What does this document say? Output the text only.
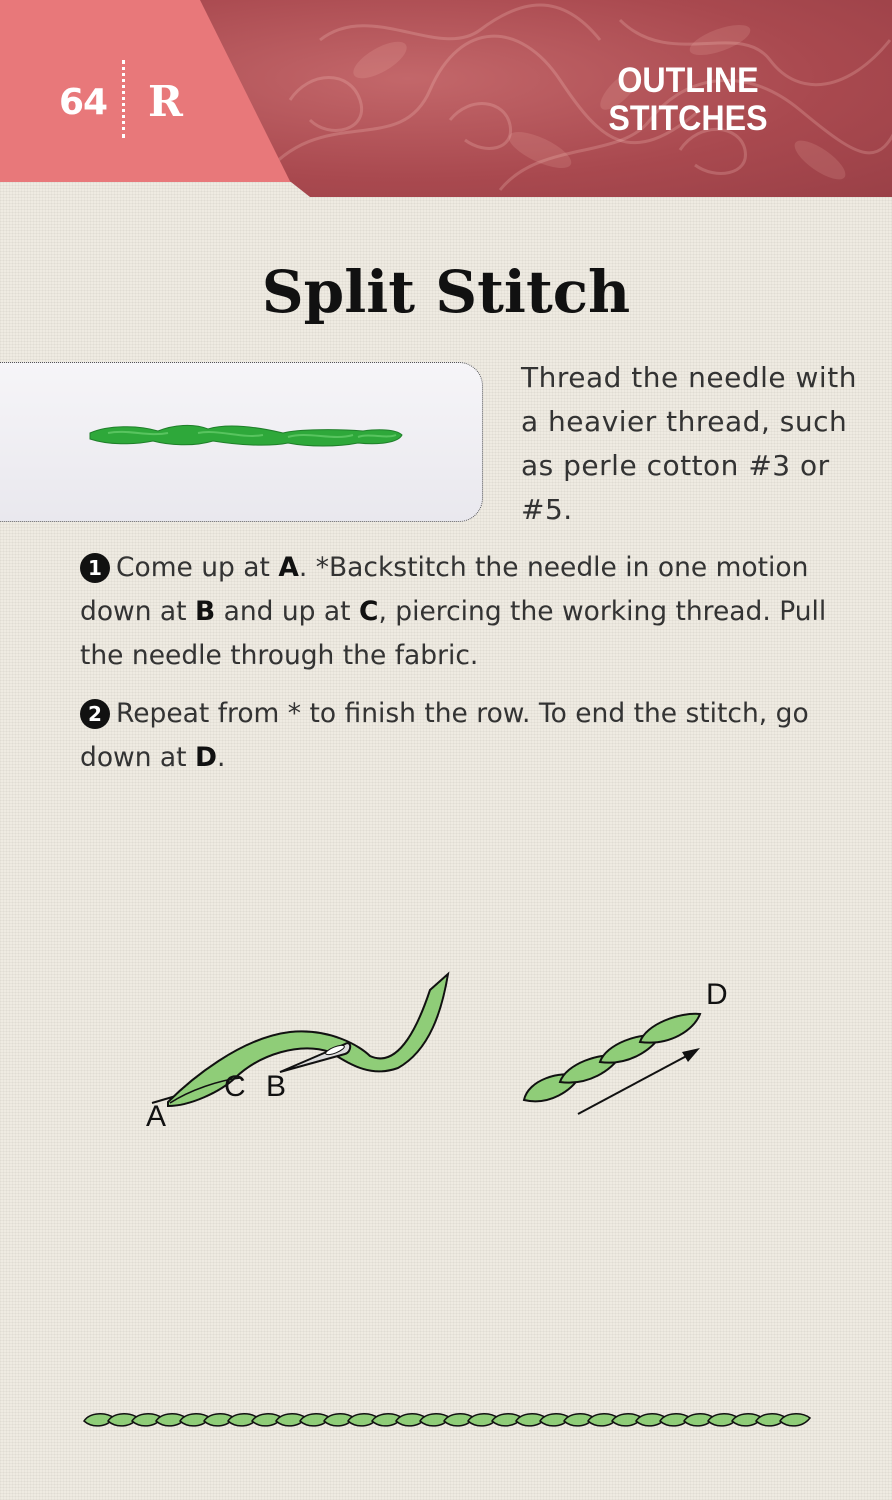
64 R	OUTLINE
STITCHES
Split Stitch
Thread the needle with a heavier thread, such as perle cotton #3 or #5.
1 Come up at A. *Backstitch the needle in one motion down at B and up at C, piercing the working thread. Pull the needle through the fabric.
2 Repeat from * to finish the row. To end the stitch, go down at D.
A
C B
D
